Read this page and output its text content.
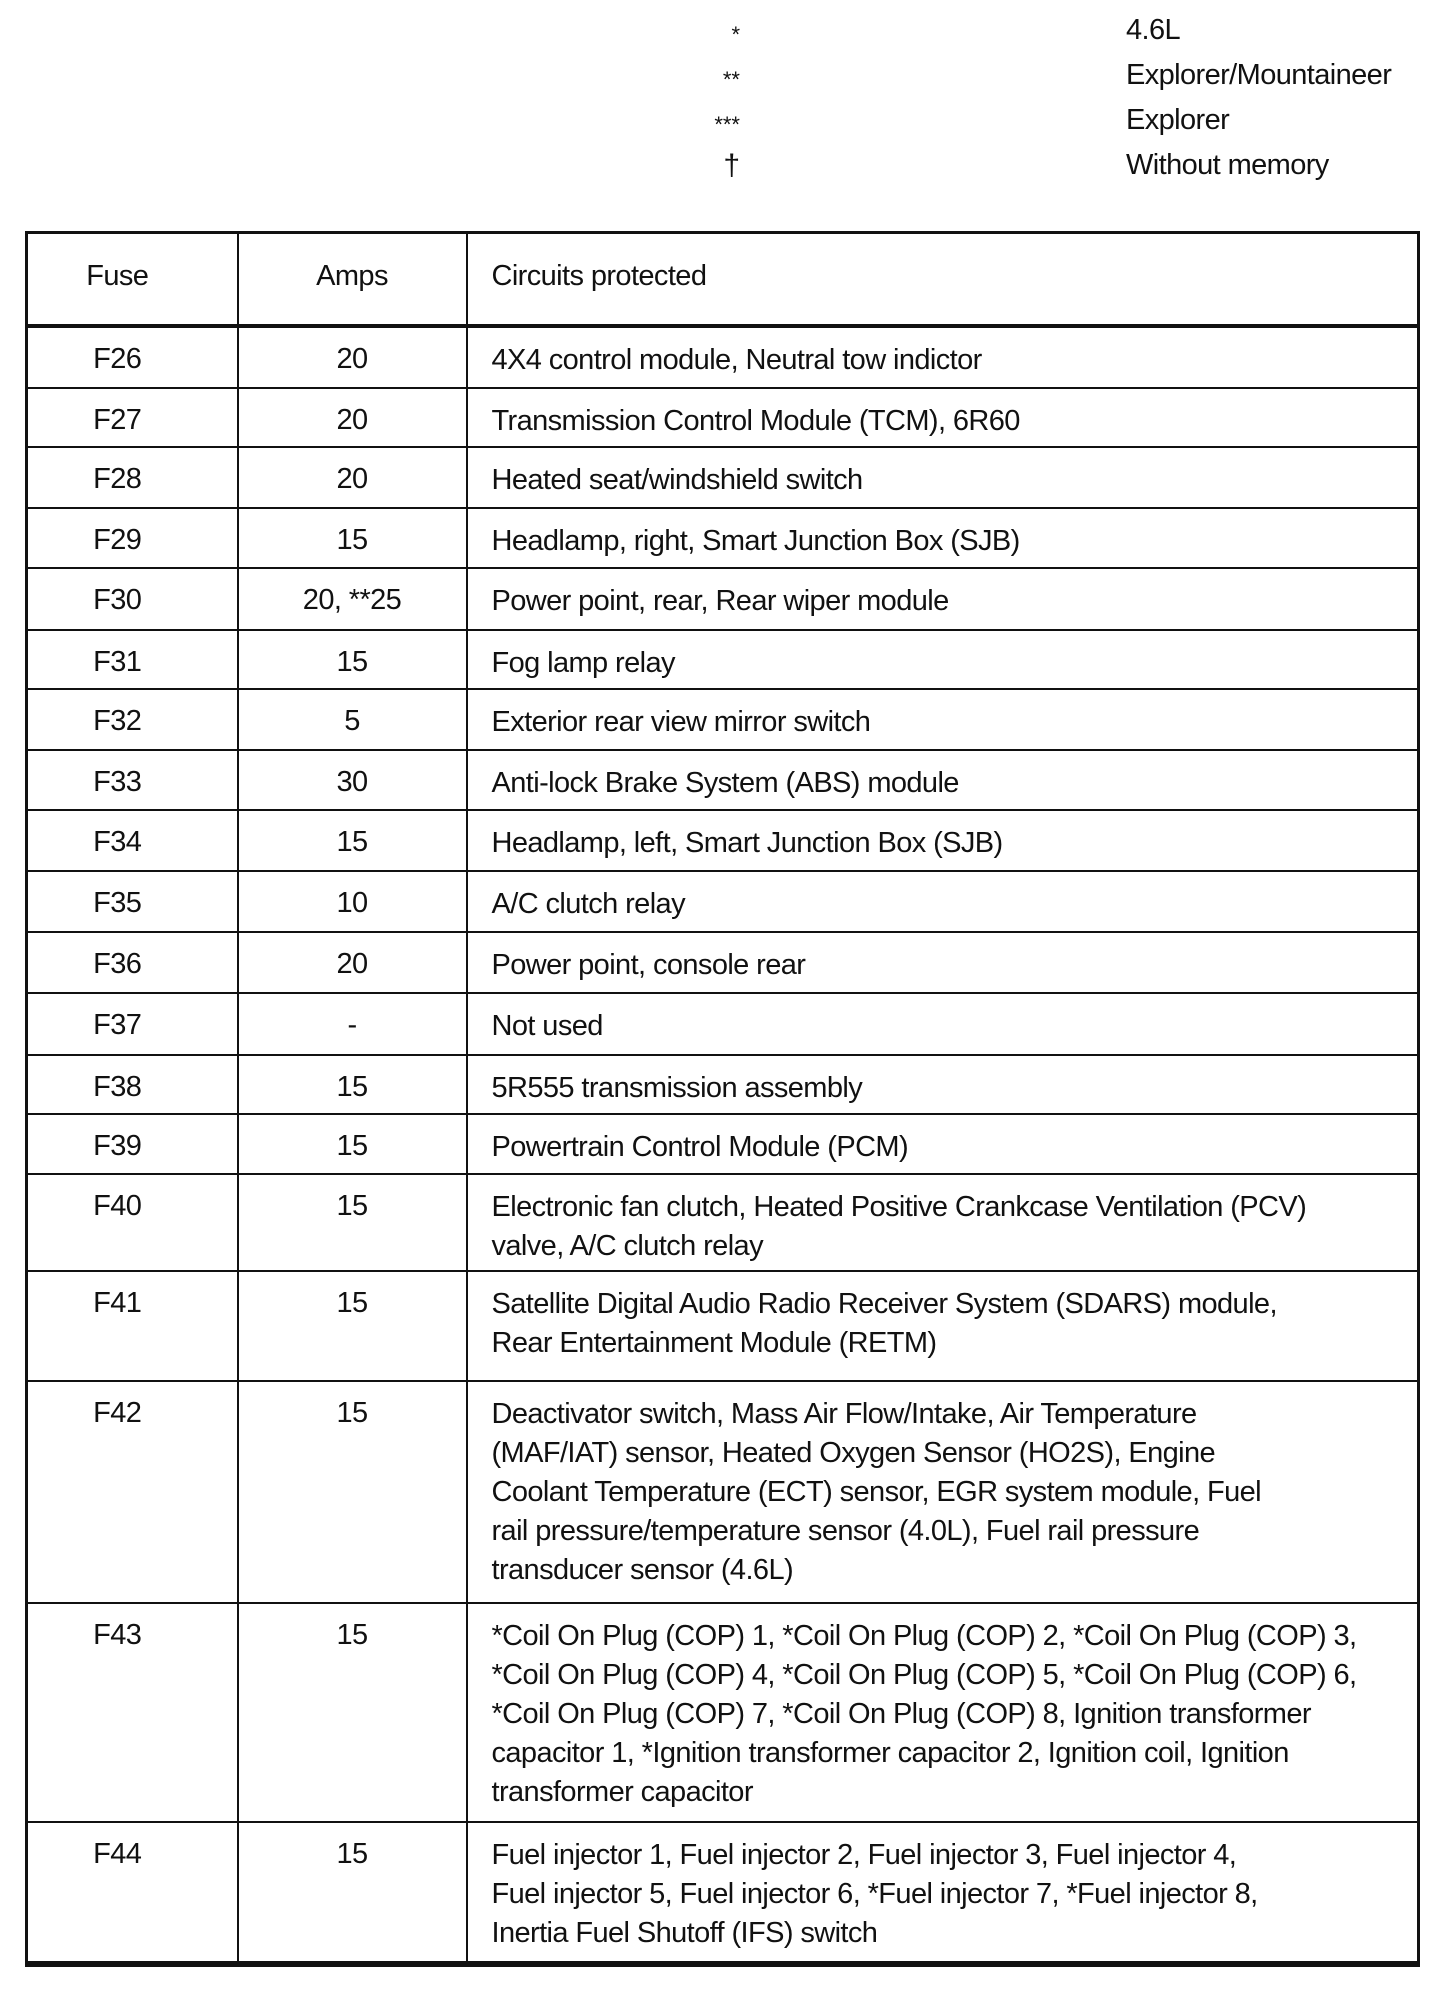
*	4.6L
**	Explorer/Mountaineer
***	Explorer
†	Without memory
Fuse	Amps	Circuits protected

F26	20	4X4 control module, Neutral tow indictor

F27	20	Transmission Control Module (TCM), 6R60

F28	20	Heated seat/windshield switch

F29	15	Headlamp, right, Smart Junction Box (SJB)

F30	20, **25	Power point, rear, Rear wiper module

F31	15	Fog lamp relay

F32	5	Exterior rear view mirror switch

F33	30	Anti-lock Brake System (ABS) module

F34	15	Headlamp, left, Smart Junction Box (SJB)

F35	10	A/C clutch relay

F36	20	Power point, console rear

F37	-	Not used

F38	15	5R555 transmission assembly

F39	15	Powertrain Control Module (PCM)

F40	15	Electronic fan clutch, Heated Positive Crankcase Ventilation (PCV)
valve, A/C clutch relay

F41	15	Satellite Digital Audio Radio Receiver System (SDARS) module,
Rear Entertainment Module (RETM)

F42	15	Deactivator switch, Mass Air Flow/Intake, Air Temperature
(MAF/IAT) sensor, Heated Oxygen Sensor (HO2S), Engine
Coolant Temperature (ECT) sensor, EGR system module, Fuel
rail pressure/temperature sensor (4.0L), Fuel rail pressure
transducer sensor (4.6L)

F43	15	*Coil On Plug (COP) 1, *Coil On Plug (COP) 2, *Coil On Plug (COP) 3,
*Coil On Plug (COP) 4, *Coil On Plug (COP) 5, *Coil On Plug (COP) 6,
*Coil On Plug (COP) 7, *Coil On Plug (COP) 8, Ignition transformer
capacitor 1, *Ignition transformer capacitor 2, Ignition coil, Ignition
transformer capacitor

F44	15	Fuel injector 1, Fuel injector 2, Fuel injector 3, Fuel injector 4,
Fuel injector 5, Fuel injector 6, *Fuel injector 7, *Fuel injector 8,
Inertia Fuel Shutoff (IFS) switch
